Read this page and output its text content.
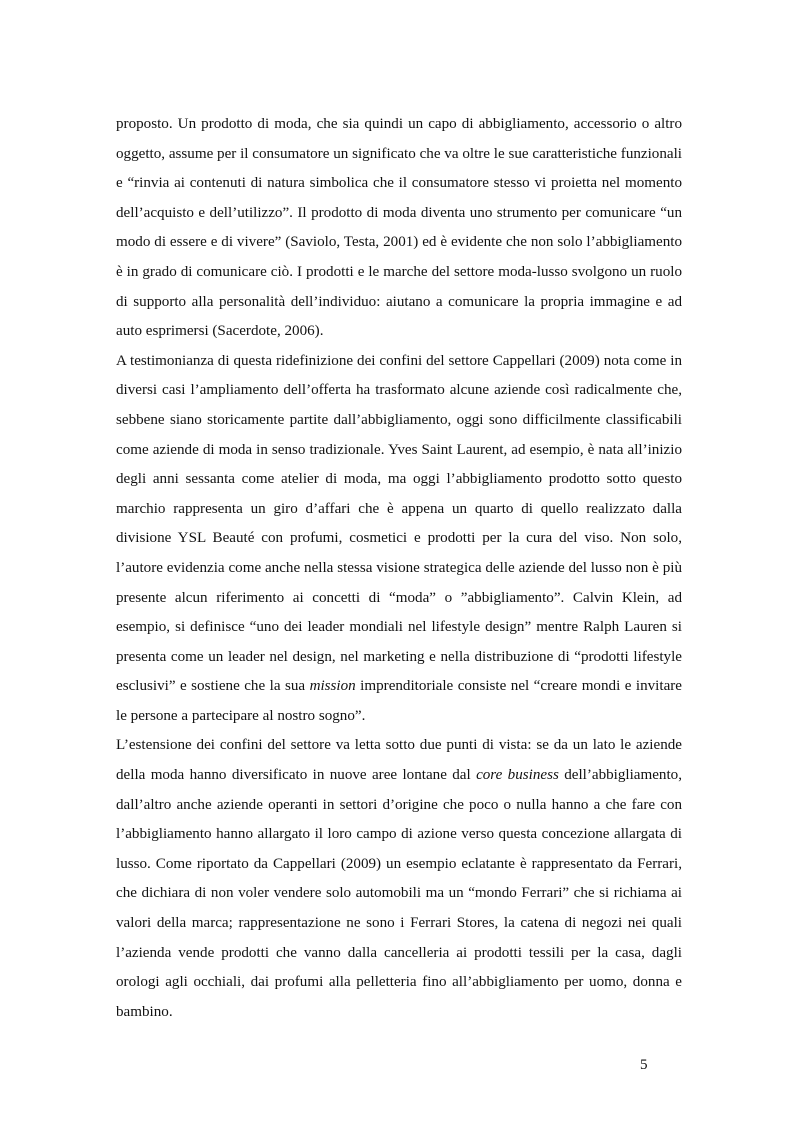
proposto. Un prodotto di moda, che sia quindi un capo di abbigliamento, accessorio o altro oggetto, assume per il consumatore un significato che va oltre le sue caratteristiche funzionali e “rinvia ai contenuti di natura simbolica che il consumatore stesso vi proietta nel momento dell’acquisto e dell’utilizzo”. Il prodotto di moda diventa uno strumento per comunicare “un modo di essere e di vivere” (Saviolo, Testa, 2001) ed è evidente che non solo l’abbigliamento è in grado di comunicare ciò. I prodotti e le marche del settore moda-lusso svolgono un ruolo di supporto alla personalità dell’individuo: aiutano a comunicare la propria immagine e ad auto esprimersi (Sacerdote, 2006).

A testimonianza di questa ridefinizione dei confini del settore Cappellari (2009) nota come in diversi casi l’ampliamento dell’offerta ha trasformato alcune aziende così radicalmente che, sebbene siano storicamente partite dall’abbigliamento, oggi sono difficilmente classificabili come aziende di moda in senso tradizionale. Yves Saint Laurent, ad esempio, è nata all’inizio degli anni sessanta come atelier di moda, ma oggi l’abbigliamento prodotto sotto questo marchio rappresenta un giro d’affari che è appena un quarto di quello realizzato dalla divisione YSL Beauté con profumi, cosmetici e prodotti per la cura del viso. Non solo, l’autore evidenzia come anche nella stessa visione strategica delle aziende del lusso non è più presente alcun riferimento ai concetti di “moda” o ”abbigliamento”. Calvin Klein, ad esempio, si definisce “uno dei leader mondiali nel lifestyle design” mentre Ralph Lauren si presenta come un leader nel design, nel marketing e nella distribuzione di “prodotti lifestyle esclusivi” e sostiene che la sua mission imprenditoriale consiste nel “creare mondi e invitare le persone a partecipare al nostro sogno”.

L’estensione dei confini del settore va letta sotto due punti di vista: se da un lato le aziende della moda hanno diversificato in nuove aree lontane dal core business dell’abbigliamento, dall’altro anche aziende operanti in settori d’origine che poco o nulla hanno a che fare con l’abbigliamento hanno allargato il loro campo di azione verso questa concezione allargata di lusso. Come riportato da Cappellari (2009) un esempio eclatante è rappresentato da Ferrari, che dichiara di non voler vendere solo automobili ma un “mondo Ferrari” che si richiama ai valori della marca; rappresentazione ne sono i Ferrari Stores, la catena di negozi nei quali l’azienda vende prodotti che vanno dalla cancelleria ai prodotti tessili per la casa, dagli orologi agli occhiali, dai profumi alla pelletteria fino all’abbigliamento per uomo, donna e bambino.

5
